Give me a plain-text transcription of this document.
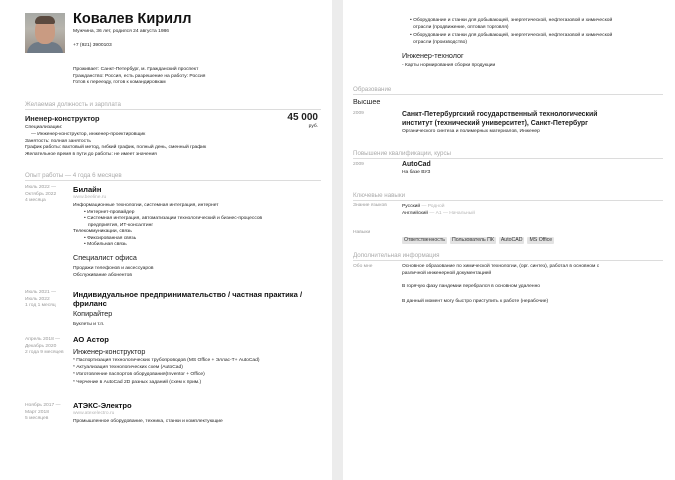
Ковалев Кирилл
Мужчина, 36 лет, родился 24 августа 1986
+7 (921) 3900103
Проживает: Санкт-Петербург, м. Гражданский проспект
Гражданство: Россия, есть разрешение на работу: Россия
Готов к переезду, готов к командировкам
Желаемая должность и зарплата
Иненер-конструктор	45 000
руб.
Специализации:
— Инженер-конструктор, инженер-проектировщик
Занятость: полная занятость
График работы: вахтовый метод, гибкий график, полный день, сменный график
Желательное время в пути до работы: не имеет значения
Опыт работы — 4 года 6 месяцев
Июль 2022 —
Октябрь 2022
4 месяца
Билайн
www.beeline.ru
Информационные технологии, системная интеграция, интернет
• Интернет-провайдер
• Системная интеграция, автоматизации технологический и бизнес-процессов
предприятия, ИТ-консалтинг
Телекоммуникации, связь
• Фиксированная связь
• Мобильная связь
Специалист офиса
Продажи телефонов и аксессуаров
Обслуживание абонентов
Июль 2021 —
Июль 2022
1 год 1 месяц
Индивидуальное предпринимательство / частная практика /
фриланс
Копирайтер
Буклеты и т.п.
Апрель 2018 —
Декабрь 2020
2 года 9 месяцев
АО Астор
Инженер-конструктор
* Паспортизация технологических трубопроводов (MS Office + Эллас-Т+ AutoCad)
* Актуализация технологических схем (AutoCad)
* Изготовление паспортов оборудования(Inventor + Office)
* Черчение в AutoCad 2D разных заданий (схем к прим.)
Ноябрь 2017 —
Март 2018
5 месяцев
АТЭКС-Электро
www.atexelectro.ru
Промышленное оборудование, техника, станки и комплектующие
• Оборудование и станки для добывающей, энергетической, нефтегазовой и химической
отрасли (продвижение, оптовая торговля)
• Оборудование и станки для добывающей, энергетической, нефтегазовой и химической
отрасли (производство)
Инженер-технолог
- Карты нормирования сборки продукции
Образование
Высшее
2009	Санкт-Петербургский государственный технологический
институт (технический университет), Санкт-Петербург
Органического синтеза и полимерных материалов, Инженер
Повышение квалификации, курсы
2009	AutoCad
На базе ВУЗ
Ключевые навыки
Знание языков	Русский — Родной
Английский — A1 — Начальный
Навыки
Ответственность Пользователь ПК AutoCAD MS Office
Дополнительная информация
Обо мне	Основное образование по химической технологии, (орг. синтез), работал в основном с
различной инженерной документацией
В горячую фазу пандемии перебрался в основном удаленно
В данный момент могу быстро приступить к работе (нерабочие)
